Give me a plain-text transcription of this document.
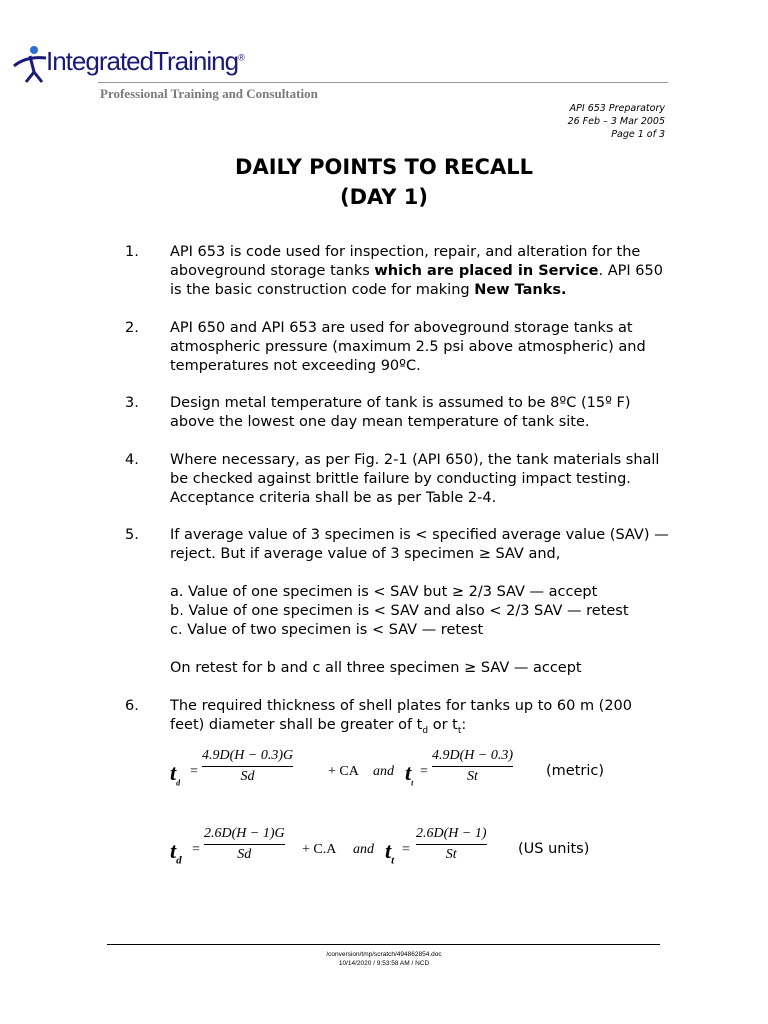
IntegratedTraining®
Professional Training and Consultation
API 653 Preparatory
26 Feb – 3 Mar 2005
Page 1 of 3
DAILY POINTS TO RECALL
(DAY 1)
1. API 653 is code used for inspection, repair, and alteration for the aboveground storage tanks which are placed in Service. API 650 is the basic construction code for making New Tanks.
2. API 650 and API 653 are used for aboveground storage tanks at atmospheric pressure (maximum 2.5 psi above atmospheric) and temperatures not exceeding 90ºC.
3. Design metal temperature of tank is assumed to be 8ºC (15º F) above the lowest one day mean temperature of tank site.
4. Where necessary, as per Fig. 2-1 (API 650), the tank materials shall be checked against brittle failure by conducting impact testing. Acceptance criteria shall be as per Table 2-4.
5. If average value of 3 specimen is < specified average value (SAV) — reject. But if average value of 3 specimen ≥ SAV and,
a. Value of one specimen is < SAV but ≥ 2/3 SAV — accept
b. Value of one specimen is < SAV and also < 2/3 SAV — retest
c. Value of two specimen is < SAV — retest
On retest for b and c all three specimen ≥ SAV — accept
6. The required thickness of shell plates for tanks up to 60 m (200 feet) diameter shall be greater of $t_d$ or $t_t$:
$t_d$
= $\frac{4.9D(H - 0.3)G}{Sd}$ + CA and $t_t$
= $\frac{4.9D(H - 0.3)}{St}$ (metric)
$t_d$
= $\frac{2.6D(H - 1)G}{Sd} + C.A$ and $t_t$
= $\frac{2.6D(H - 1)}{St} (US$ units)
/conversion/tmp/scratch/494862854.doc
10/14/2020 / 9:53:58 AM / NCD
